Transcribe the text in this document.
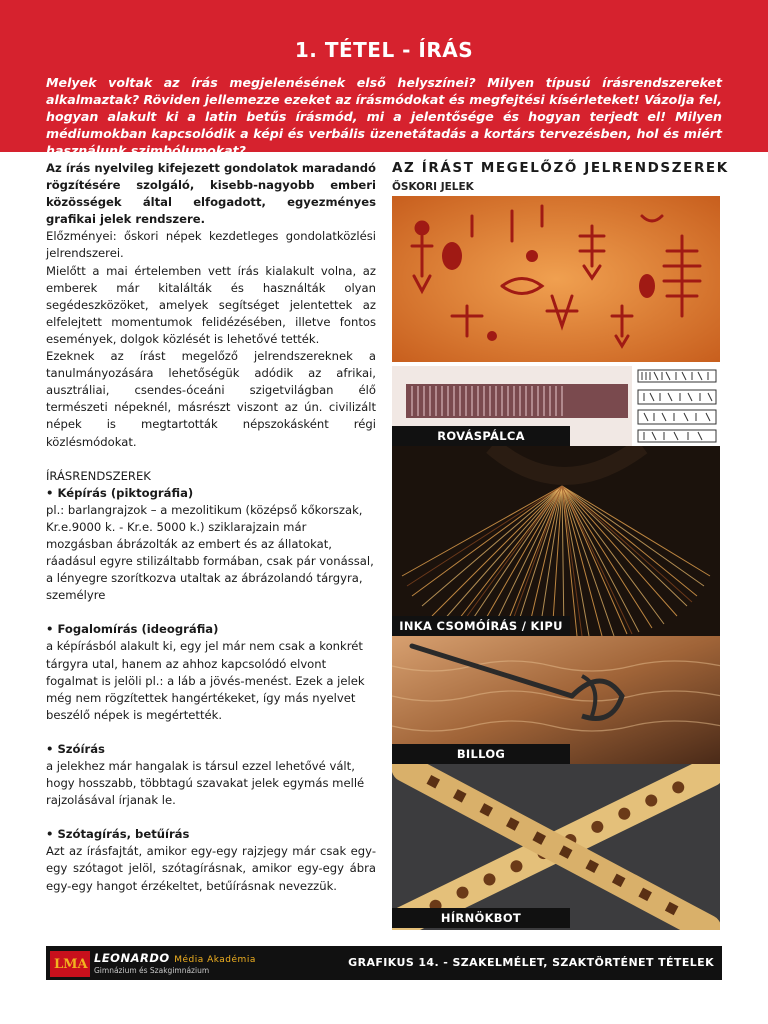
1. TÉTEL - ÍRÁS
Melyek voltak az írás megjelenésének első helyszínei? Milyen típusú írásrendszereket alkalmaztak? Röviden jellemezze ezeket az írásmódokat és megfejtési kísérleteket! Vázolja fel, hogyan alakult ki a latin betűs írásmód, mi a jelentősége és hogyan terjedt el! Milyen médiumokban kapcsolódik a képi és verbális üzenetátadás a kortárs tervezésben, hol és miért használunk szimbólumokat?

Az írás nyelvileg kifejezett gondolatok maradandó rögzítésére szolgáló, kisebb-nagyobb emberi közösségek által elfogadott, egyezményes grafikai jelek rendszere.

Előzményei: őskori népek kezdetleges gondolatközlési jelrendszerei.

Mielőtt a mai értelemben vett írás kialakult volna, az emberek már kitalálták és használták olyan segédeszközöket, amelyek segítséget jelentettek az elfelejtett momentumok felidézésében, illetve fontos események, dolgok közlését is lehetővé tették.

Ezeknek az írást megelőző jelrendszereknek a tanulmányozására lehetőségük adódik az afrikai, ausztráliai, csendes-óceáni szigetvilágban élő természeti népeknél, másrészt viszont az ún. civilizált népek is megtartották népszokásként régi közlésmódokat.

ÍRÁSRENDSZEREK

• Képírás (piktográfia)

pl.: barlangrajzok – a mezolitikum (középső kőkorszak, Kr.e.9000 k. - Kr.e. 5000 k.) sziklarajzain már mozgásban ábrázolták az embert és az állatokat, ráadásul egyre stilizáltabb formában, csak pár vonással, a lényegre szorítkozva utaltak az ábrázolandó tárgyra, személyre

• Fogalomírás (ideográfia)

a képírásból alakult ki, egy jel már nem csak a konkrét tárgyra utal, hanem az ahhoz kapcsolódó elvont fogalmat is jelöli pl.: a láb a jövés-menést. Ezek a jelek még nem rögzítettek hangértékeket, így más nyelvet beszélő népek is megértették.

• Szóírás

a jelekhez már hangalak is társul ezzel lehetővé vált, hogy hosszabb, többtagú szavakat jelek egymás mellé rajzolásával írjanak le.

• Szótagírás, betűírás

Azt az írásfajtát, amikor egy-egy rajzjegy már csak egy-egy szótagot jelöl, szótagírásnak, amikor egy-egy ábra egy-egy hangot érzékeltet, betűírásnak nevezzük.

AZ ÍRÁST MEGELŐZŐ JELRENDSZEREK
ŐSKORI JELEK
ROVÁSPÁLCA
INKA CSOMÓÍRÁS / KIPU
BILLOG
HÍRNÖKBOT
LMA LEONARDO Média Akadémia
Gimnázium és Szakgimnázium
GRAFIKUS 14. - SZAKELMÉLET, SZAKTÖRTÉNET TÉTELEK
